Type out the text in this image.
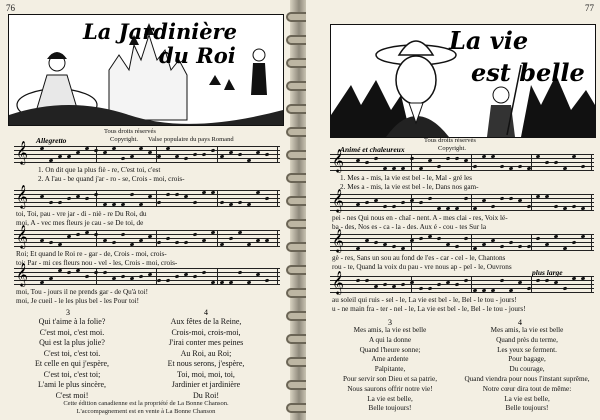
76
La Jardinière
du Roi
Tous droits réservés
Copyright. Valse populaire du pays Romand
Allegretto
𝄞
1. On dit que la plus fiè - re, C'est toi, c'est
2. A l'au - be quand j'ar - ro - se, Crois - moi, crois-
𝄞
toi, Toi, pau - vre jar - di - niè - re Du Roi, du
moi, A - vec mes fleurs je cau - se De toi, de
𝄞
Roi; Et quand le Roi re - gar - de, Crois - moi, crois-
toi; Par - mi ces fleurs nou - vel - les, Crois - moi, crois-
𝄞
moi, Tou - jours il ne prends gar - de Qu'à toi!
moi, Je cueil - le les plus bel - les Pour toi!
3	4
Qui t'aime à la folie?
C'est moi, c'est moi.
Qui est la plus jolie?
C'est toi, c'est toi.
Et celle en qui j'espère,
C'est toi, c'est toi;
L'ami le plus sincère,
C'est moi!
Aux fêtes de la Reine,
Crois-moi, crois-moi,
J'irai conter mes peines
Au Roi, au Roi;
Et nous serons, j'espère,
Toi, moi, moi, toi,
Jardinier et jardinière
Du Roi!
Cette édition canadienne est la propriété de La Bonne Chanson.
L'accompagnement est en vente à La Bonne Chanson
77
La vie
est belle
Tous droits réservés
Copyright.
Animé et chaleureux
𝄞
1. Mes a - mis, la vie est bel - le, Mal - gré les
2. Mes a - mis, la vie est bel - le, Dans nos gam-
𝄞
pei - nes Qui nous en - chaî - nent. A - mes clai - res, Voix lé-
ba - des, Nos es - ca - la - des. Aux é - cou - tes Sur la
𝄞
gè - res, Sans un sou au fond de l'es - car - cel - le, Chantons
rou - te, Quand la voix du pau - vre nous ap - pel - le, Ouvrons
plus large
𝄞
au soleil qui ruis - sel - le, La vie est bel - le, Bel - le tou - jours!
u - ne main fra - ter - nel - le, La vie est bel - le, Bel - le tou - jours!
3	4
Mes amis, la vie est belle
A qui la donne
Quand l'heure sonne;
Ame ardente
Palpitante,
Pour servir son Dieu et sa patrie,
Nous saurons offrir notre vie!
La vie est belle,
Belle toujours!
Mes amis, la vie est belle
Quand près du terme,
Les yeux se ferment.
Pour bagage,
Du courage,
Quand viendra pour nous l'instant suprême,
Notre cœur dira tout de même:
La vie est belle,
Belle toujours!
